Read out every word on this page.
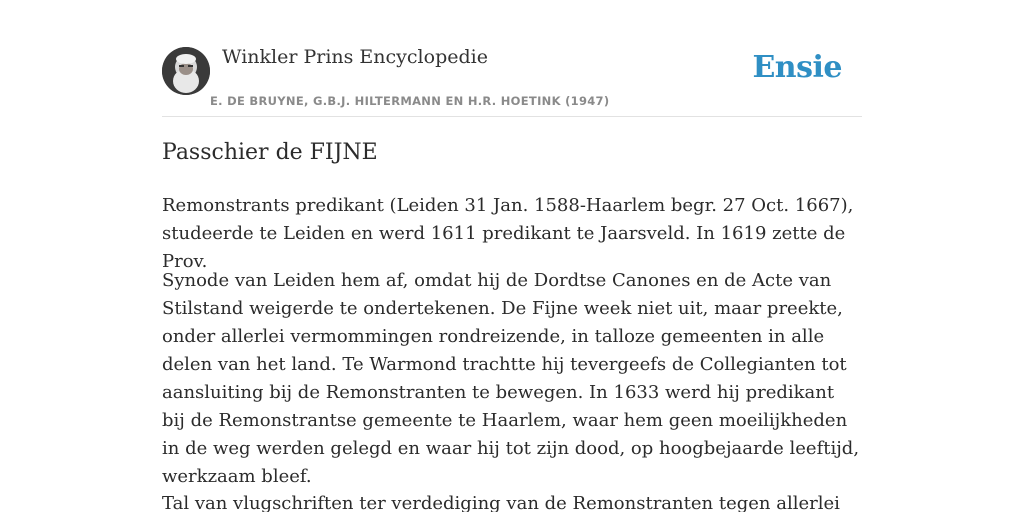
Winkler Prins Encyclopedie
E. DE BRUYNE, G.B.J. HILTERMANN EN H.R. HOETINK (1947)
Ensie
Passchier de FIJNE

Remonstrants predikant (Leiden 31 Jan. 1588-Haarlem begr. 27 Oct. 1667), studeerde te Leiden en werd 1611 predikant te Jaarsveld. In 1619 zette de Prov.

Synode van Leiden hem af, omdat hij de Dordtse Canones en de Acte van Stilstand weigerde te ondertekenen. De Fijne week niet uit, maar preekte, onder allerlei vermommingen rondreizende, in talloze gemeenten in alle delen van het land. Te Warmond trachtte hij tevergeefs de Collegianten tot aansluiting bij de Remonstranten te bewegen. In 1633 werd hij predikant bij de Remonstrantse gemeente te Haarlem, waar hem geen moeilijkheden in de weg werden gelegd en waar hij tot zijn dood, op hoogbejaarde leeftijd, werkzaam bleef.

Tal van vlugschriften ter verdediging van de Remonstranten tegen allerlei
